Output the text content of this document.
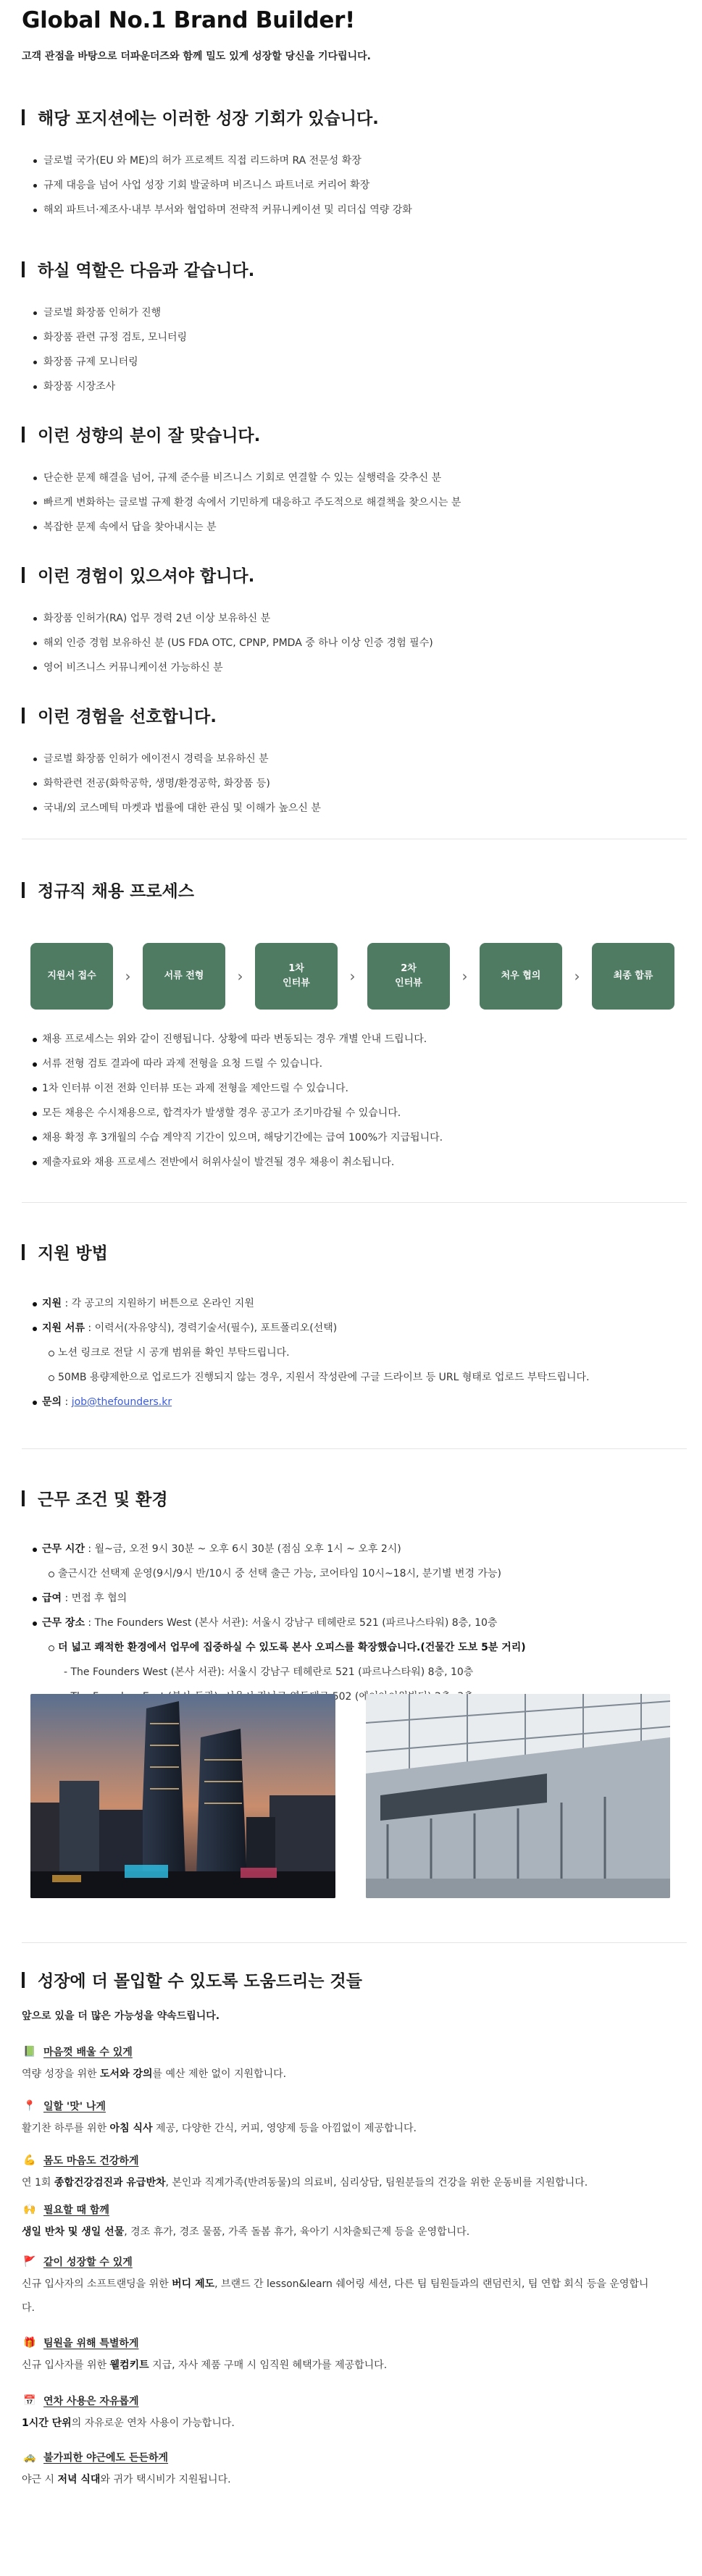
Global No.1 Brand Builder!

고객 관점을 바탕으로 더파운더즈와 함께 밀도 있게 성장할 당신을 기다립니다.

해당 포지션에는 이러한 성장 기회가 있습니다.
글로벌 국가(EU 와 ME)의 허가 프로젝트 직접 리드하며 RA 전문성 확장
규제 대응을 넘어 사업 성장 기회 발굴하며 비즈니스 파트너로 커리어 확장
해외 파트너·제조사·내부 부서와 협업하며 전략적 커뮤니케이션 및 리더십 역량 강화
하실 역할은 다음과 같습니다.
글로벌 화장품 인허가 진행
화장품 관련 규정 검토, 모니터링
화장품 규제 모니터링
화장품 시장조사
이런 성향의 분이 잘 맞습니다.
단순한 문제 해결을 넘어, 규제 준수를 비즈니스 기회로 연결할 수 있는 실행력을 갖추신 분
빠르게 변화하는 글로벌 규제 환경 속에서 기민하게 대응하고 주도적으로 해결책을 찾으시는 분
복잡한 문제 속에서 답을 찾아내시는 분
이런 경험이 있으셔야 합니다.
화장품 인허가(RA) 업무 경력 2년 이상 보유하신 분
해외 인증 경험 보유하신 분 (US FDA OTC, CPNP, PMDA 중 하나 이상 인증 경험 필수)
영어 비즈니스 커뮤니케이션 가능하신 분
이런 경험을 선호합니다.
글로벌 화장품 인허가 에이전시 경력을 보유하신 분
화학관련 전공(화학공학, 생명/환경공학, 화장품 등)
국내/외 코스메틱 마켓과 법률에 대한 관심 및 이해가 높으신 분
정규직 채용 프로세스
지원서 접수	›	서류 전형	›	1차
인터뷰	›	2차
인터뷰	›	처우 협의	›	최종 합류
채용 프로세스는 위와 같이 진행됩니다. 상황에 따라 변동되는 경우 개별 안내 드립니다.
서류 전형 검토 결과에 따라 과제 전형을 요청 드릴 수 있습니다.
1차 인터뷰 이전 전화 인터뷰 또는 과제 전형을 제안드릴 수 있습니다.
모든 채용은 수시채용으로, 합격자가 발생할 경우 공고가 조기마감될 수 있습니다.
채용 확정 후 3개월의 수습 계약직 기간이 있으며, 해당기간에는 급여 100%가 지급됩니다.
제출자료와 채용 프로세스 전반에서 허위사실이 발견될 경우 채용이 취소됩니다.
지원 방법
지원 : 각 공고의 지원하기 버튼으로 온라인 지원
지원 서류 : 이력서(자유양식), 경력기술서(필수), 포트폴리오(선택)
노션 링크로 전달 시 공개 범위를 확인 부탁드립니다.
50MB 용량제한으로 업로드가 진행되지 않는 경우, 지원서 작성란에 구글 드라이브 등 URL 형태로 업로드 부탁드립니다.
문의 : job@thefounders.kr
근무 조건 및 환경
근무 시간 : 월~금, 오전 9시 30분 ~ 오후 6시 30분 (점심 오후 1시 ~ 오후 2시)
출근시간 선택제 운영(9시/9시 반/10시 중 선택 출근 가능, 코어타임 10시~18시, 분기별 변경 가능)
급여 : 면접 후 협의
근무 장소 : The Founders West (본사 서관): 서울시 강남구 테헤란로 521 (파르나스타워) 8층, 10층
더 넓고 쾌적한 환경에서 업무에 집중하실 수 있도록 본사 오피스를 확장했습니다.(건물간 도보 5분 거리)
- The Founders West (본사 서관): 서울시 강남구 테헤란로 521 (파르나스타워) 8층, 10층
502
성장에 더 몰입할 수 있도록 도움드리는 것들

앞으로 있을 더 많은 가능성을 약속드립니다.

📗 마음껏 배울 수 있게
역량 성장을 위한 도서와 강의를 예산 제한 없이 지원합니다.
📍 일할 '맛' 나게
활기찬 하루를 위한 아침 식사 제공, 다양한 간식, 커피, 영양제 등을 아낌없이 제공합니다.
💪 몸도 마음도 건강하게
연 1회 종합건강검진과 유급반차, 본인과 직계가족(반려동물)의 의료비, 심리상담, 팀원분들의 건강을 위한 운동비를 지원합니다.
🙌 필요할 때 함께
생일 반차 및 생일 선물, 경조 휴가, 경조 물품, 가족 돌봄 휴가, 육아기 시차출퇴근제 등을 운영합니다.
🚩 같이 성장할 수 있게
신규 입사자의 소프트랜딩을 위한 버디 제도, 브랜드 간 lesson&learn 쉐어링 세션, 다른 팀 팀원들과의 랜덤런치, 팀 연합 회식 등을 운영합니다.
🎁 팀원을 위해 특별하게
신규 입사자를 위한 웰컴키트 지급, 자사 제품 구매 시 임직원 혜택가를 제공합니다.
📅 연차 사용은 자유롭게
1시간 단위의 자유로운 연차 사용이 가능합니다.
🚕 불가피한 야근에도 든든하게
야근 시 저녁 식대와 귀가 택시비가 지원됩니다.
